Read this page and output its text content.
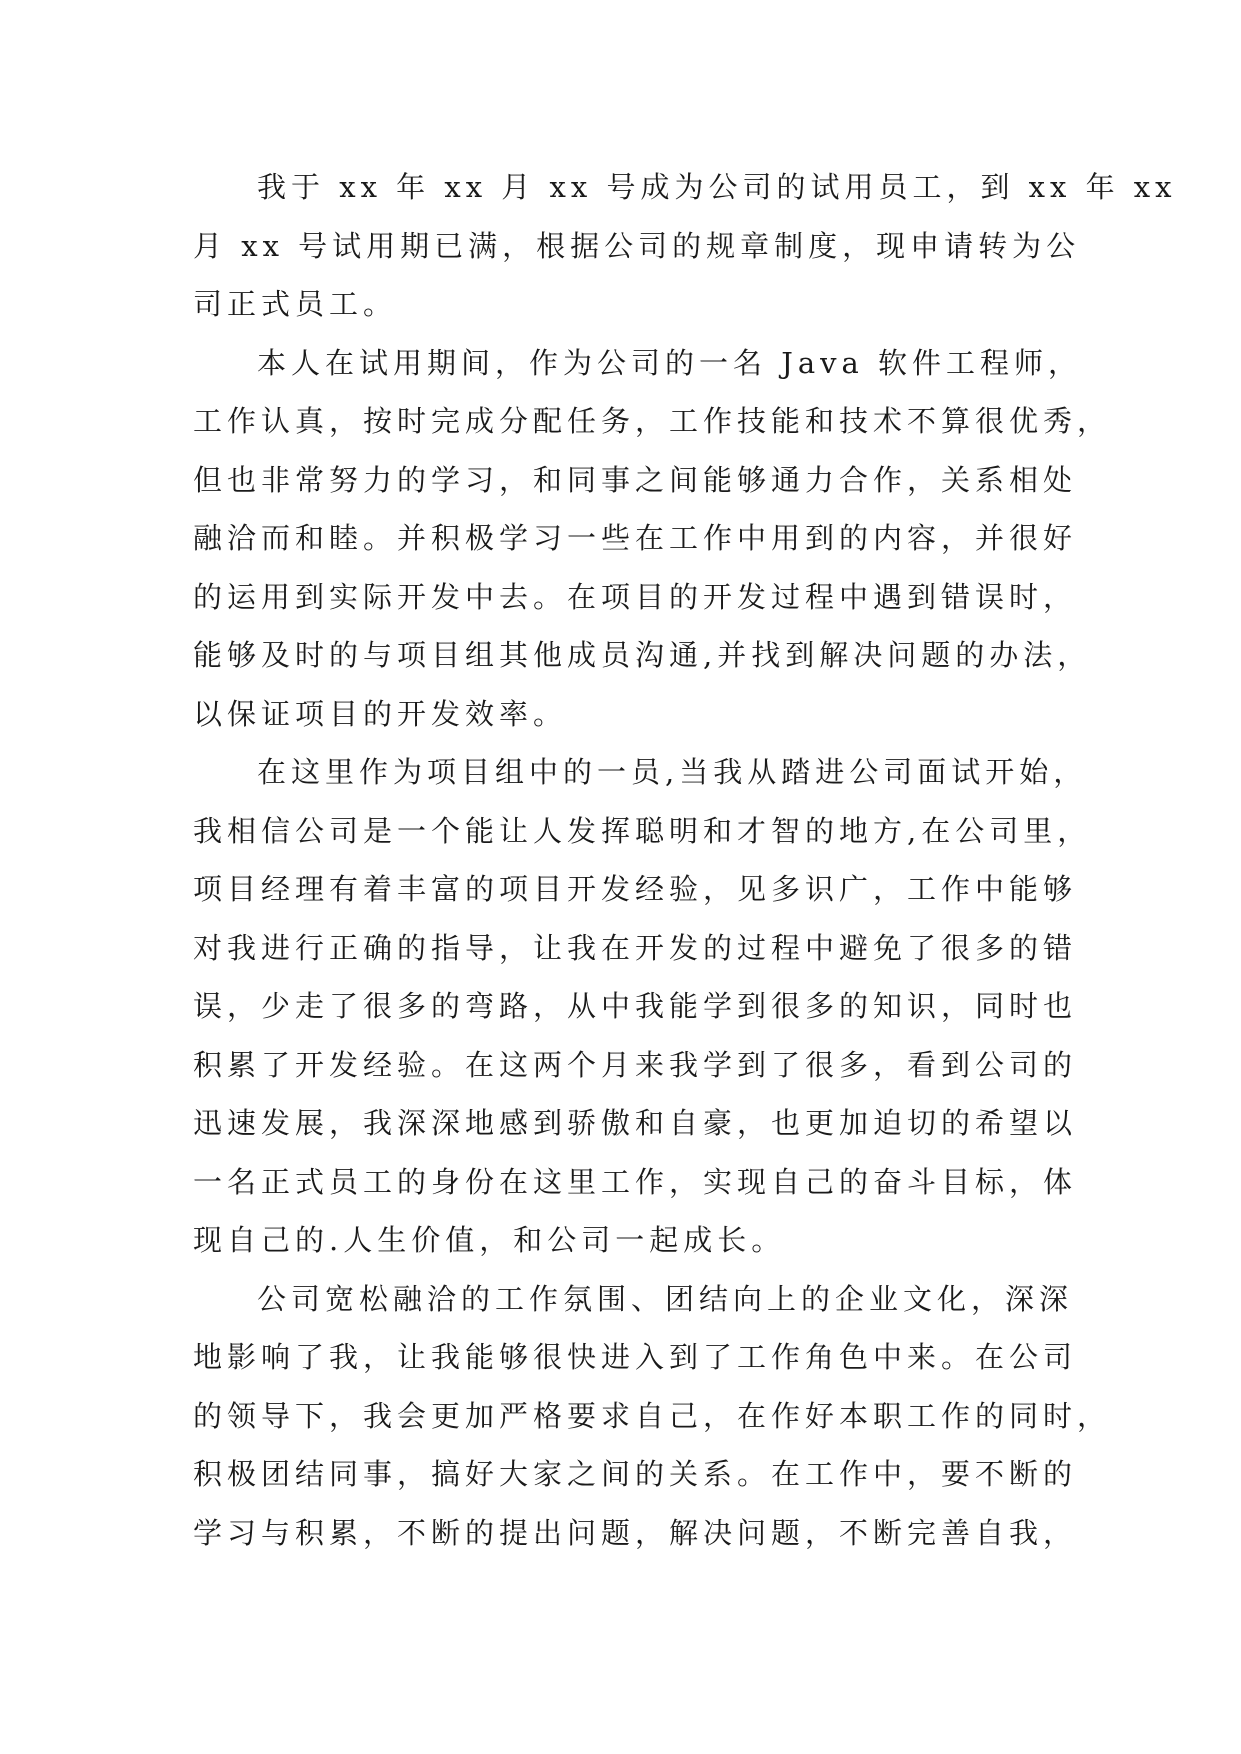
我于 xx 年 xx 月 xx 号成为公司的试用员工，到 xx 年 xx
月 xx 号试用期已满，根据公司的规章制度，现申请转为公
司正式员工。

本人在试用期间，作为公司的一名 Java 软件工程师，
工作认真，按时完成分配任务，工作技能和技术不算很优秀，
但也非常努力的学习，和同事之间能够通力合作，关系相处
融洽而和睦。并积极学习一些在工作中用到的内容，并很好
的运用到实际开发中去。在项目的开发过程中遇到错误时，
能够及时的与项目组其他成员沟通,并找到解决问题的办法，
以保证项目的开发效率。

在这里作为项目组中的一员,当我从踏进公司面试开始，
我相信公司是一个能让人发挥聪明和才智的地方,在公司里，
项目经理有着丰富的项目开发经验，见多识广，工作中能够
对我进行正确的指导，让我在开发的过程中避免了很多的错
误，少走了很多的弯路，从中我能学到很多的知识，同时也
积累了开发经验。在这两个月来我学到了很多，看到公司的
迅速发展，我深深地感到骄傲和自豪，也更加迫切的希望以
一名正式员工的身份在这里工作，实现自己的奋斗目标，体
现自己的.人生价值，和公司一起成长。

公司宽松融洽的工作氛围、团结向上的企业文化，深深
地影响了我，让我能够很快进入到了工作角色中来。在公司
的领导下，我会更加严格要求自己，在作好本职工作的同时，
积极团结同事，搞好大家之间的关系。在工作中，要不断的
学习与积累，不断的提出问题，解决问题，不断完善自我，
